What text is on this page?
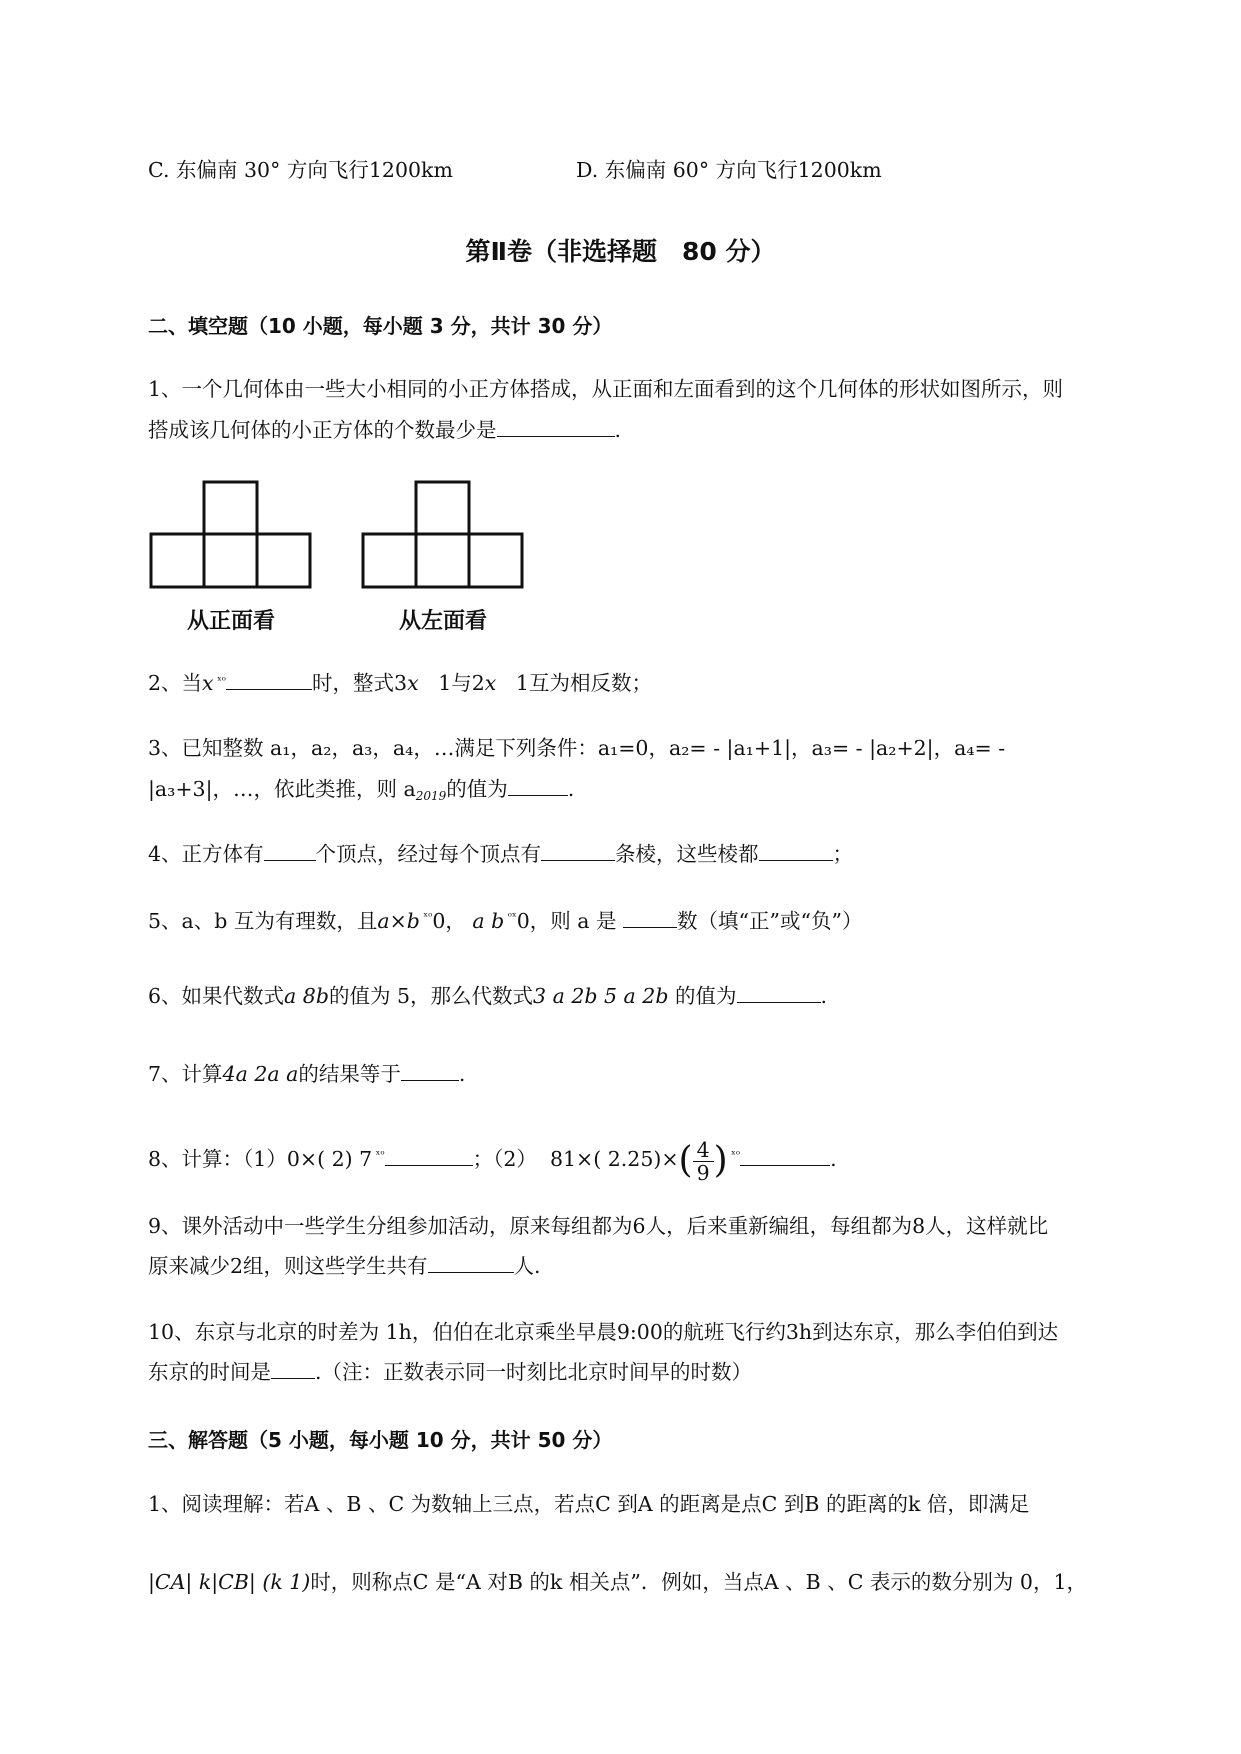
C. 东偏南 30° 方向飞行1200km	D. 东偏南 60° 方向飞行1200km
第Ⅱ卷（非选择题　80 分）
二、填空题（10 小题，每小题 3 分，共计 30 分）
1、一个几何体由一些大小相同的小正方体搭成，从正面和左面看到的这个几何体的形状如图所示，则
搭成该几何体的小正方体的个数最少是	.
从正面看	从左面看
2、当x $^{ˣᵒ}$	时，整式3x 1与2x 1互为相反数；
3、已知整数 a₁，a₂，a₃，a₄，…满足下列条件：a₁=0，a₂= - |a₁+1|，a₃= - |a₂+2|，a₄= -
|a₃+3|，…，依此类推，则 $a_{2019}$的值为	.
4、正方体有	个顶点，经过每个顶点有	条棱，这些棱都	；
5、a、b 互为有理数，且a×b $^{ˣᵒ}$0， a b $^{ᵒˣ}$0，则 a 是	数（填“正”或“负”）
6、如果代数式a 8b的值为 5，那么代数式3 a 2b 5 a 2b 的值为	.
7、计算4a 2a a的结果等于	.
8、计算：（1）0×( 2) 7 $^{ˣᵒ}$	；（2） 81×( $2.25)\times( \frac{4}{9}$ ) $^{ˣᵒ}$	.
9、课外活动中一些学生分组参加活动，原来每组都为6人，后来重新编组，每组都为8人，这样就比
原来减少2组，则这些学生共有	人.
10、东京与北京的时差为 1h，伯伯在北京乘坐早晨9:00的航班飞行约3h到达东京，那么李伯伯到达
东京的时间是 .（注：正数表示同一时刻比北京时间早的时数）
三、解答题（5 小题，每小题 10 分，共计 50 分）
1、阅读理解：若A 、B 、C 为数轴上三点，若点C 到A 的距离是点C 到B 的距离的k 倍，即满足
|CA| k|CB| (k 1)时，则称点C 是“A 对B 的k 相关点”．例如，当点A 、B 、C 表示的数分别为 0，1，
